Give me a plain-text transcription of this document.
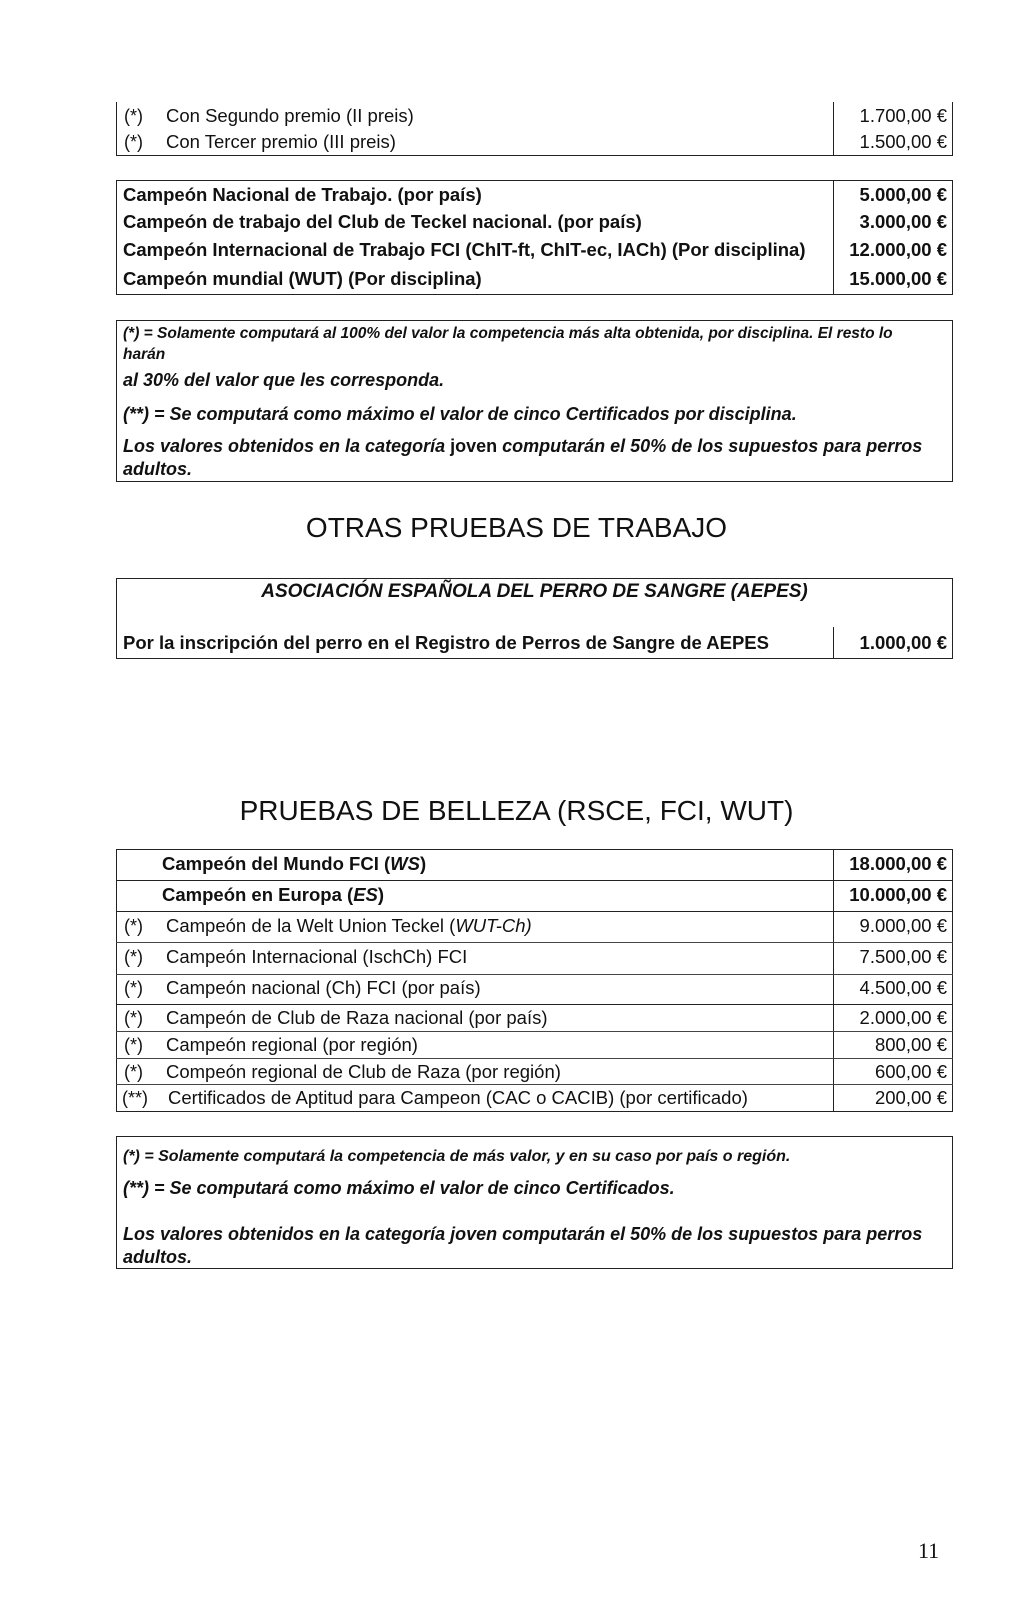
(*) Con Segundo premio (II preis)	1.700,00 €
(*) Con Tercer premio (III preis)	1.500,00 €
Campeón Nacional de Trabajo. (por país)	5.000,00 €
Campeón de trabajo del Club de Teckel nacional. (por país)	3.000,00 €
Campeón Internacional de Trabajo FCI (ChIT-ft, ChIT-ec, IACh) (Por disciplina) 12.000,00 €
Campeón mundial (WUT) (Por disciplina)	15.000,00 €
(*) = Solamente computará al 100% del valor la competencia más alta obtenida, por disciplina. El resto lo
harán
al 30% del valor que les corresponda.
(**) = Se computará como máximo el valor de cinco Certificados por disciplina.
Los valores obtenidos en la categoría joven computarán el 50% de los supuestos para perros
adultos.
OTRAS PRUEBAS DE TRABAJO
ASOCIACIÓN ESPAÑOLA DEL PERRO DE SANGRE (AEPES)
Por la inscripción del perro en el Registro de Perros de Sangre de AEPES	1.000,00 €
PRUEBAS DE BELLEZA (RSCE, FCI, WUT)
Campeón del Mundo FCI (WS)	18.000,00 €
Campeón en Europa (ES)	10.000,00 €
(*) Campeón de la Welt Union Teckel (WUT-Ch)	9.000,00 €
(*) Campeón Internacional (IschCh) FCI	7.500,00 €
(*) Campeón nacional (Ch) FCI (por país)	4.500,00 €
(*) Campeón de Club de Raza nacional (por país)	2.000,00 €
(*) Campeón regional (por región)	800,00 €
(*) Compeón regional de Club de Raza (por región)	600,00 €
(**) Certificados de Aptitud para Campeon (CAC o CACIB) (por certificado)	200,00 €
(*) = Solamente computará la competencia de más valor, y en su caso por país o región.
(**) = Se computará como máximo el valor de cinco Certificados.
Los valores obtenidos en la categoría joven computarán el 50% de los supuestos para perros
adultos.
11
